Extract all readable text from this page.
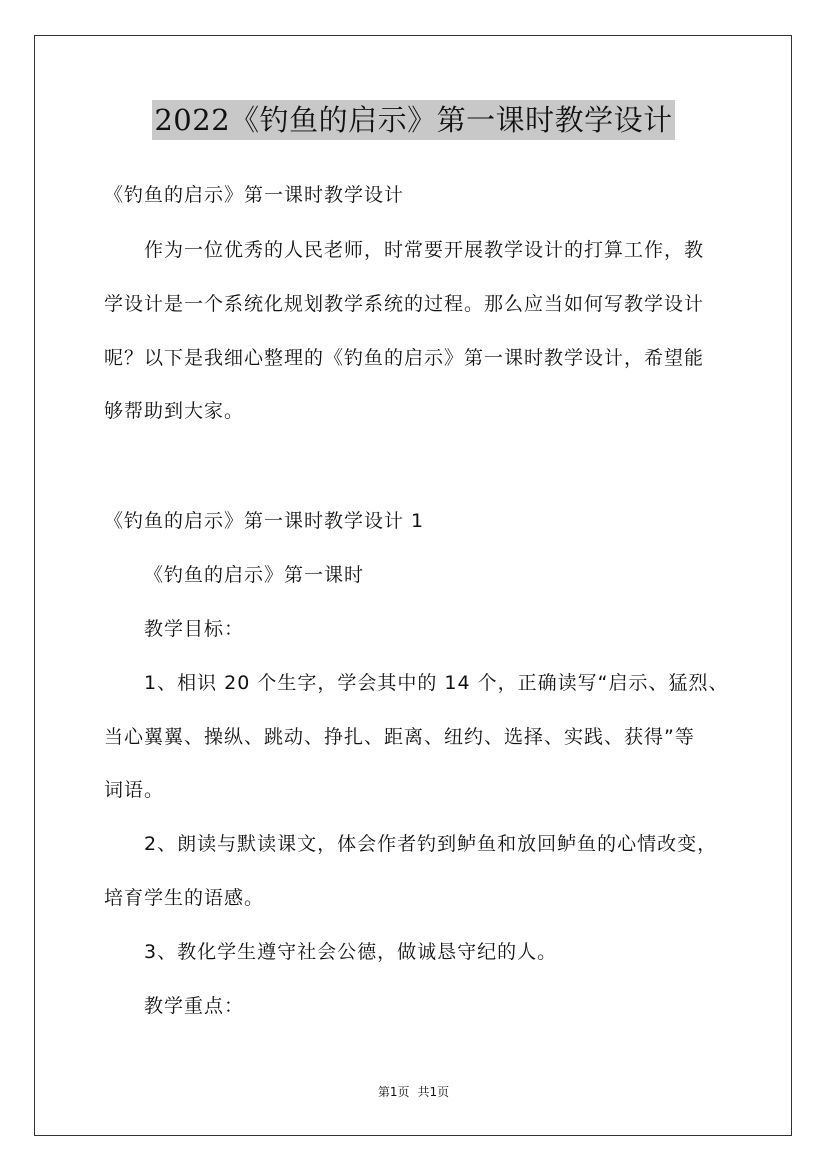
2022《钓鱼的启示》第一课时教学设计
《钓鱼的启示》第一课时教学设计
作为一位优秀的人民老师，时常要开展教学设计的打算工作，教
学设计是一个系统化规划教学系统的过程。那么应当如何写教学设计
呢？以下是我细心整理的《钓鱼的启示》第一课时教学设计，希望能
够帮助到大家。
《钓鱼的启示》第一课时教学设计 1
《钓鱼的启示》第一课时
教学目标：
1、相识 20 个生字，学会其中的 14 个，正确读写“启示、猛烈、
当心翼翼、操纵、跳动、挣扎、距离、纽约、选择、实践、获得”等
词语。
2、朗读与默读课文，体会作者钓到鲈鱼和放回鲈鱼的心情改变，
培育学生的语感。
3、教化学生遵守社会公德，做诚恳守纪的人。
教学重点：
第1页 共1页
